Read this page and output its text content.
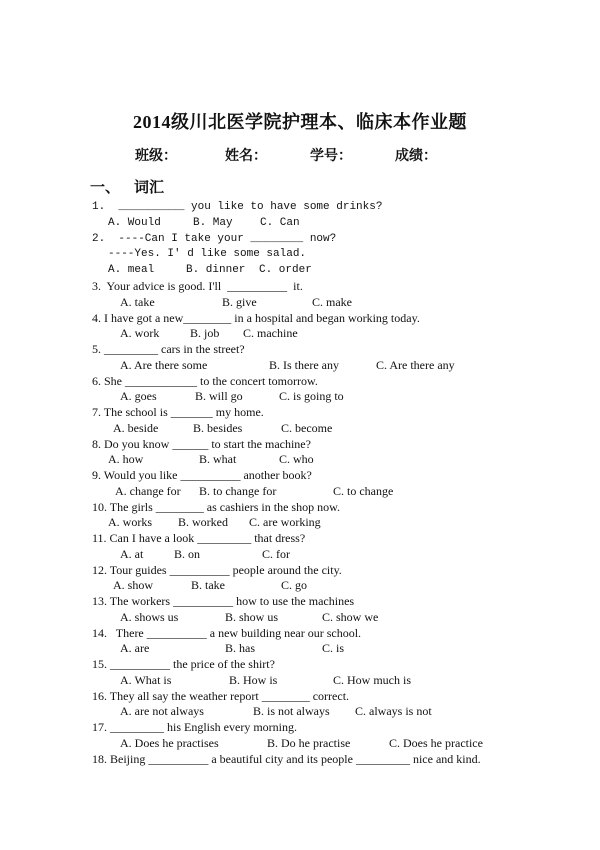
2014级川北医学院护理本、临床本作业题
班级：	姓名：	学号：	成绩：
一、 词汇
1.  __________ you like to have some drinks?
A. Would	B. May C. Can
2.  ----Can I take your ________ now?
----Yes. I' d like some salad.
A. meal	B. dinner C. order
3.  Your advice is good. I'll  __________  it.
A. take	B. give	C. make
4. I have got a new________ in a hospital and began working today.
A. work	B. job C. machine
5. _________ cars in the street?
A. Are there some	B. Is there any	C. Are there any
6. She ____________ to the concert tomorrow.
A. goes	B. will go	C. is going to
7. The school is _______ my home.
A. beside	B. besides	C. become
8. Do you know ______ to start the machine?
A. how	B. what	C. who
9. Would you like __________ another book?
A. change for B. to change for	C. to change
10. The girls ________ as cashiers in the shop now.
A. works B. worked C. are working
11. Can I have a look _________ that dress?
A. at	B. on	C. for
12. Tour guides __________ people around the city.
A. show	B. take	C. go
13. The workers __________ how to use the machines
A. shows us	B. show us	C. show we
14.   There __________ a new building near our school.
A. are	B. has	C. is
15. __________ the price of the shirt?
A. What is	B. How is	C. How much is
16. They all say the weather report ________ correct.
A. are not always	B. is not always C. always is not
17. _________ his English every morning.
A. Does he practises	B. Do he practise	C. Does he practice
18. Beijing __________ a beautiful city and its people _________ nice and kind.
